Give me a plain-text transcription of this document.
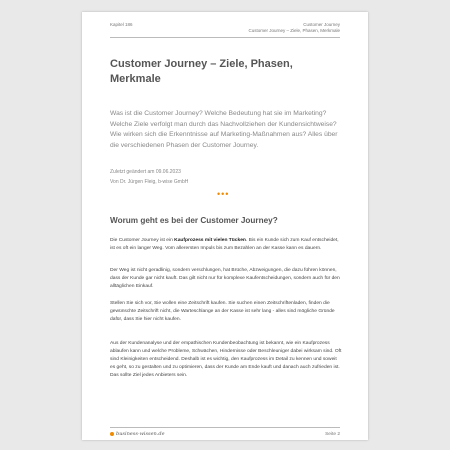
Kapitel 186	Customer Journey
Customer Journey – Ziele, Phasen, Merkmale
Customer Journey – Ziele, Phasen, Merkmale
Was ist die Customer Journey? Welche Bedeutung hat sie im Marketing? Welche Ziele verfolgt man durch das Nachvollziehen der Kundensichtweise? Wie wirken sich die Erkenntnisse auf Marketing-Maßnahmen aus? Alles über die verschiedenen Phasen der Customer Journey.
Zuletzt geändert am 09.06.2023
Von Dr. Jürgen Fleig, b-wise GmbH
•••
Worum geht es bei der Customer Journey?
Die Customer Journey ist ein Kaufprozess mit vielen Tücken. Bis ein Kunde sich zum Kauf entscheidet, ist es oft ein langer Weg. Vom allerersten Impuls bis zum Bezahlen an der Kasse kann es dauern.
Der Weg ist nicht geradlinig, sondern verschlungen, hat Brüche, Abzweigungen, die dazu führen können, dass der Kunde gar nicht kauft. Das gilt nicht nur für komplexe Kaufentscheidungen, sondern auch für den alltäglichen Einkauf.
Stellen Sie sich vor, Sie wollen eine Zeitschrift kaufen. Sie suchen einen Zeitschriftenladen, finden die gewünschte Zeitschrift nicht, die Warteschlange an der Kasse ist sehr lang - alles sind mögliche Gründe dafür, dass Sie hier nicht kaufen.
Aus der Kundenanalyse und der empathischen Kundenbeobachtung ist bekannt, wie ein Kaufprozess ablaufen kann und welche Probleme, Schwächen, Hindernisse oder Beschleuniger dabei wirksam sind. Oft sind Kleinigkeiten entscheidend. Deshalb ist es wichtig, den Kaufprozess im Detail zu kennen und soweit es geht, so zu gestalten und zu optimieren, dass der Kunde am Ende kauft und danach auch zufrieden ist. Das sollte Ziel jedes Anbieters sein.
business-wissen.de	Seite 2
